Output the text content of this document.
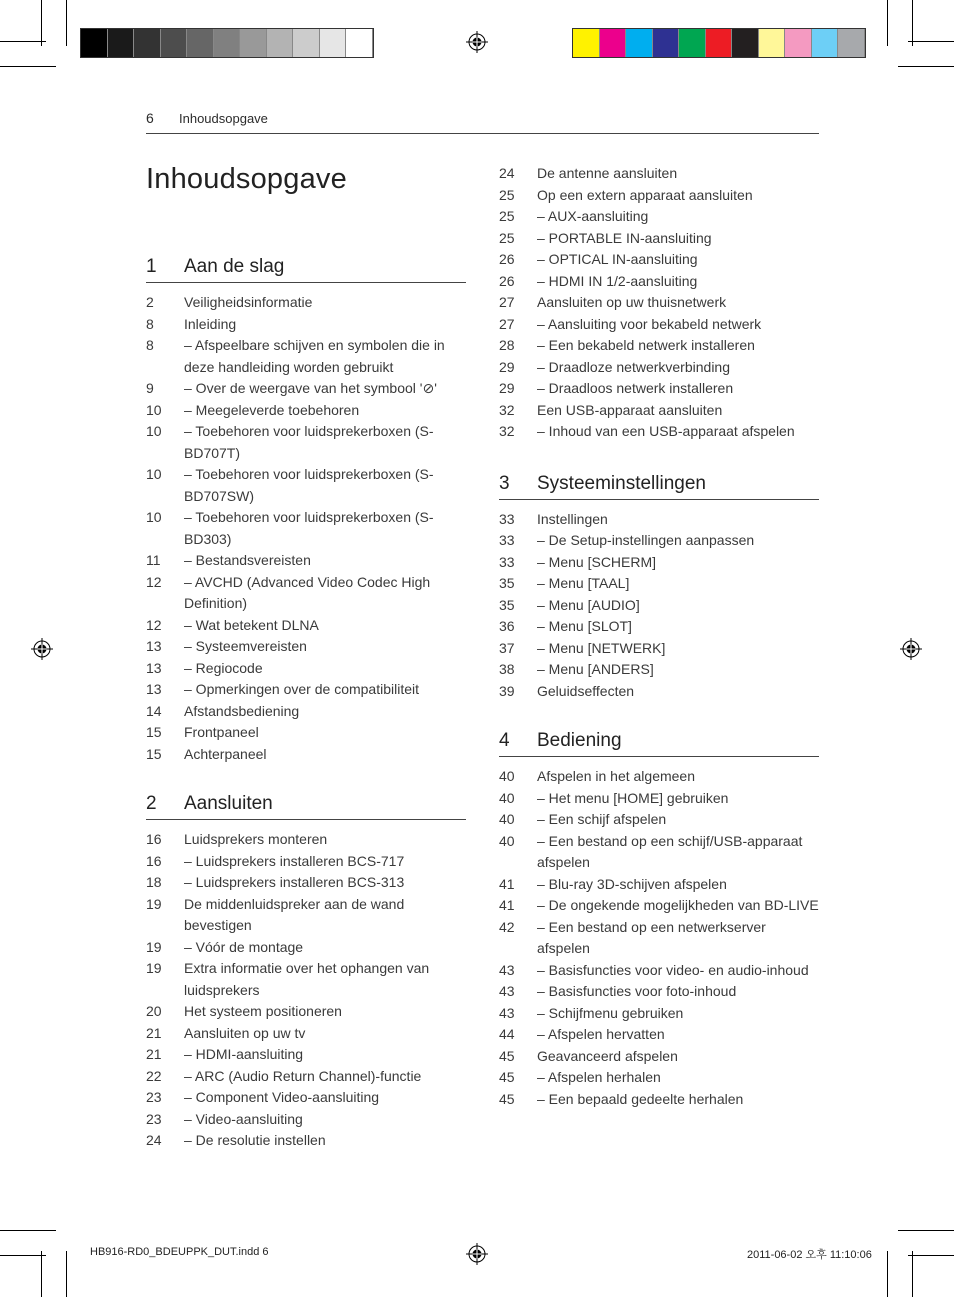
6 Inhoudsopgave
Inhoudsopgave
1	Aan de slag
2	Veiligheidsinformatie
8	Inleiding
8	– Afspeelbare schijven en symbolen die in deze handleiding worden gebruikt
9	– Over de weergave van het symbool '⊘'
10	– Meegeleverde toebehoren
10	– Toebehoren voor luidsprekerboxen (S-BD707T)
10	– Toebehoren voor luidsprekerboxen (S-BD707SW)
10	– Toebehoren voor luidsprekerboxen (S-BD303)
11	– Bestandsvereisten
12	– AVCHD (Advanced Video Codec High Definition)
12	– Wat betekent DLNA
13	– Systeemvereisten
13	– Regiocode
13	– Opmerkingen over de compatibiliteit
14	Afstandsbediening
15	Frontpaneel
15	Achterpaneel
2	Aansluiten
16	Luidsprekers monteren
16	– Luidsprekers installeren BCS-717
18	– Luidsprekers installeren BCS-313
19	De middenluidspreker aan de wand bevestigen
19	– Vóór de montage
19	Extra informatie over het ophangen van luidsprekers
20	Het systeem positioneren
21	Aansluiten op uw tv
21	– HDMI-aansluiting
22	– ARC (Audio Return Channel)-functie
23	– Component Video-aansluiting
23	– Video-aansluiting
24	– De resolutie instellen
24	De antenne aansluiten
25	Op een extern apparaat aansluiten
25	– AUX-aansluiting
25	– PORTABLE IN-aansluiting
26	– OPTICAL IN-aansluiting
26	– HDMI IN 1/2-aansluiting
27	Aansluiten op uw thuisnetwerk
27	– Aansluiting voor bekabeld netwerk
28	– Een bekabeld netwerk installeren
29	– Draadloze netwerkverbinding
29	– Draadloos netwerk installeren
32	Een USB-apparaat aansluiten
32	– Inhoud van een USB-apparaat afspelen
3	Systeeminstellingen
33	Instellingen
33	– De Setup-instellingen aanpassen
33	– Menu [SCHERM]
35	– Menu [TAAL]
35	– Menu [AUDIO]
36	– Menu [SLOT]
37	– Menu [NETWERK]
38	– Menu [ANDERS]
39	Geluidseffecten
4	Bediening
40	Afspelen in het algemeen
40	– Het menu [HOME] gebruiken
40	– Een schijf afspelen
40	– Een bestand op een schijf/USB-apparaat afspelen
41	– Blu-ray 3D-schijven afspelen
41	– De ongekende mogelijkheden van BD-LIVE
42	– Een bestand op een netwerkserver afspelen
43	– Basisfuncties voor video- en audio-inhoud
43	– Basisfuncties voor foto-inhoud
43	– Schijfmenu gebruiken
44	– Afspelen hervatten
45	Geavanceerd afspelen
45	– Afspelen herhalen
45	– Een bepaald gedeelte herhalen
HB916-RD0_BDEUPPK_DUT.indd 6	2011-06-02 오후 11:10:06
